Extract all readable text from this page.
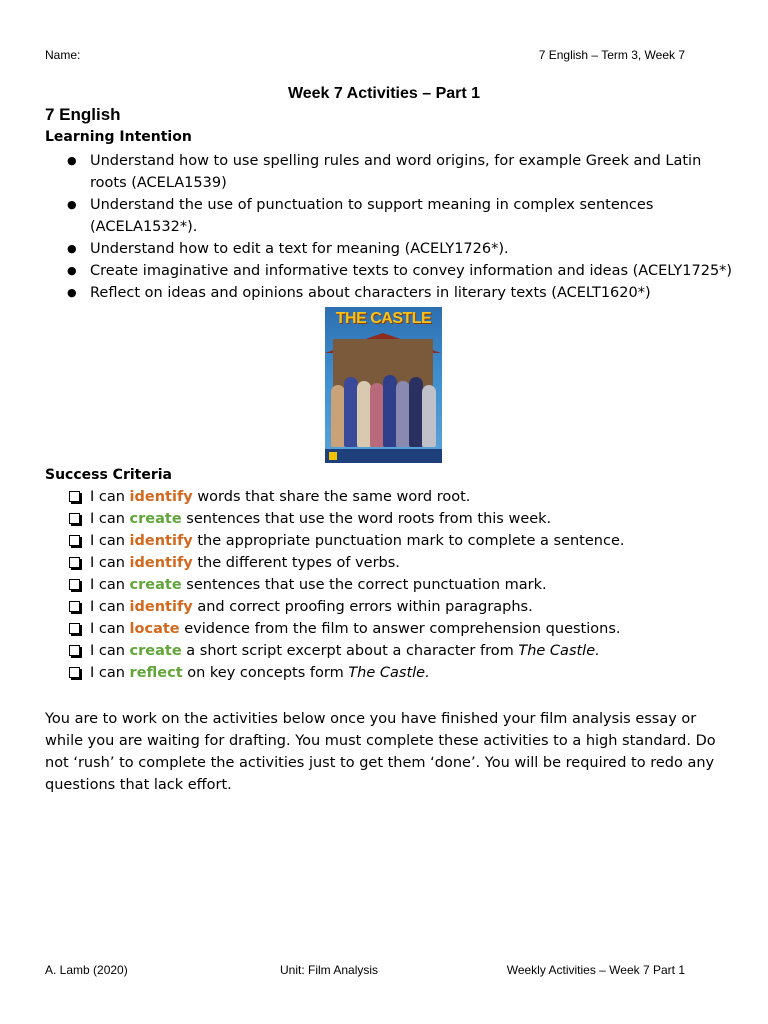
Name:	7 English – Term 3, Week 7
Week 7 Activities – Part 1
7 English
Learning Intention
● Understand how to use spelling rules and word origins, for example Greek and Latin roots (ACELA1539)
● Understand the use of punctuation to support meaning in complex sentences (ACELA1532*).
● Understand how to edit a text for meaning (ACELY1726*).
● Create imaginative and informative texts to convey information and ideas (ACELY1725*)
● Reflect on ideas and opinions about characters in literary texts (ACELT1620*)
THE CASTLE
Success Criteria
I can identify words that share the same word root.
I can create sentences that use the word roots from this week.
I can identify the appropriate punctuation mark to complete a sentence.
I can identify the different types of verbs.
I can create sentences that use the correct punctuation mark.
I can identify and correct proofing errors within paragraphs.
I can locate evidence from the film to answer comprehension questions.
I can create a short script excerpt about a character from The Castle.
I can reflect on key concepts form The Castle.
You are to work on the activities below once you have finished your film analysis essay or while you are waiting for drafting. You must complete these activities to a high standard. Do not ‘rush’ to complete the activities just to get them ‘done’. You will be required to redo any questions that lack effort.
A. Lamb (2020)	Unit: Film Analysis	Weekly Activities – Week 7 Part 1
